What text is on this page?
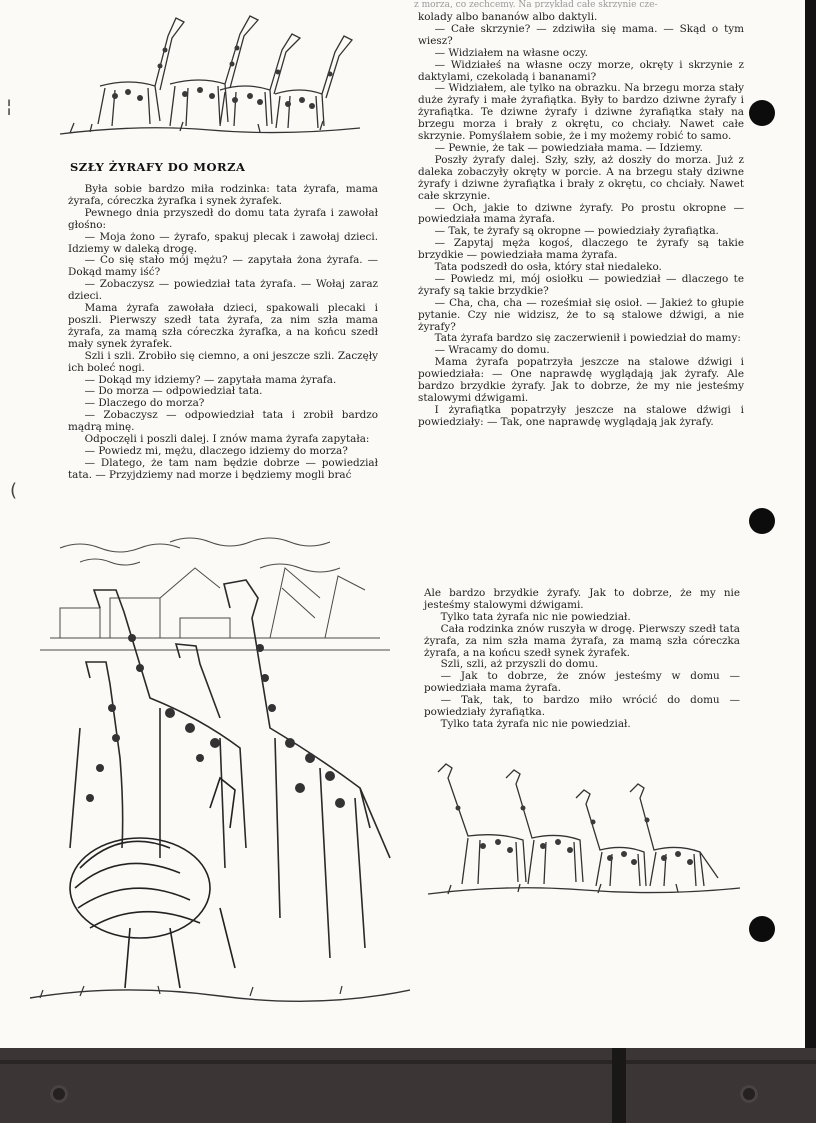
¦
(
SZŁY ŻYRAFY DO MORZA

Była sobie bardzo miła rodzinka: tata żyrafa, mama żyrafa, córeczka żyrafka i synek żyrafek.

Pewnego dnia przyszedł do domu tata żyrafa i zawołał głośno:

— Moja żono — żyrafo, spakuj plecak i zawołaj dzieci. Idziemy w daleką drogę.

— Co się stało mój mężu? — zapytała żona żyrafa. — Dokąd mamy iść?

— Zobaczysz — powiedział tata żyrafa. — Wołaj zaraz dzieci.

Mama żyrafa zawołała dzieci, spakowali plecaki i poszli. Pierwszy szedł tata żyrafa, za nim szła mama żyrafa, za mamą szła córeczka żyrafka, a na końcu szedł mały synek żyrafek.

Szli i szli. Zrobiło się ciemno, a oni jeszcze szli. Zaczęły ich boleć nogi.

— Dokąd my idziemy? — zapytała mama żyrafa.

— Do morza — odpowiedział tata.

— Dlaczego do morza?

— Zobaczysz — odpowiedział tata i zrobił bardzo mądrą minę.

Odpoczęli i poszli dalej. I znów mama żyrafa zapytała:

— Powiedz mi, mężu, dlaczego idziemy do morza?

— Dlatego, że tam nam będzie dobrze — powiedział tata. — Przyjdziemy nad morze i będziemy mogli brać

z morza, co zechcemy. Na przykład całe skrzynie cze-

kolady albo bananów albo daktyli.

— Całe skrzynie? — zdziwiła się mama. — Skąd o tym wiesz?

— Widziałem na własne oczy.

— Widziałeś na własne oczy morze, okręty i skrzynie z daktylami, czekoladą i bananami?

— Widziałem, ale tylko na obrazku. Na brzegu morza stały duże żyrafy i małe żyrafiątka. Były to bardzo dziwne żyrafy i żyrafiątka. Te dziwne żyrafy i dziwne żyrafiątka stały na brzegu morza i brały z okrętu, co chciały. Nawet całe skrzynie. Pomyślałem sobie, że i my możemy robić to samo.

— Pewnie, że tak — powiedziała mama. — Idziemy.

Poszły żyrafy dalej. Szły, szły, aż doszły do morza. Już z daleka zobaczyły okręty w porcie. A na brzegu stały dziwne żyrafy i dziwne żyrafiątka i brały z okrętu, co chciały. Nawet całe skrzynie.

— Och, jakie to dziwne żyrafy. Po prostu okropne — powiedziała mama żyrafa.

— Tak, te żyrafy są okropne — powiedziały żyrafiątka.

— Zapytaj męża kogoś, dlaczego te żyrafy są takie brzydkie — powiedziała mama żyrafa.

Tata podszedł do osła, który stał niedaleko.

— Powiedz mi, mój osiołku — powiedział — dlaczego te żyrafy są takie brzydkie?

— Cha, cha, cha — roześmiał się osioł. — Jakież to głupie pytanie. Czy nie widzisz, że to są stalowe dźwigi, a nie żyrafy?

Tata żyrafa bardzo się zaczerwienił i powiedział do mamy:

— Wracamy do domu.

Mama żyrafa popatrzyła jeszcze na stalowe dźwigi i powiedziała: — One naprawdę wyglądają jak żyrafy. Ale bardzo brzydkie żyrafy. Jak to dobrze, że my nie jesteśmy stalowymi dźwigami.

I żyrafiątka popatrzyły jeszcze na stalowe dźwigi i powiedziały: — Tak, one naprawdę wyglądają jak żyrafy.

Ale bardzo brzydkie żyrafy. Jak to dobrze, że my nie jesteśmy stalowymi dźwigami.

Tylko tata żyrafa nic nie powiedział.

Cała rodzinka znów ruszyła w drogę. Pierwszy szedł tata żyrafa, za nim szła mama żyrafa, za mamą szła córeczka żyrafa, a na końcu szedł synek żyrafek.

Szli, szli, aż przyszli do domu.

— Jak to dobrze, że znów jesteśmy w domu — powiedziała mama żyrafa.

— Tak, tak, to bardzo miło wrócić do domu — powiedziały żyrafiątka.

Tylko tata żyrafa nic nie powiedział.
